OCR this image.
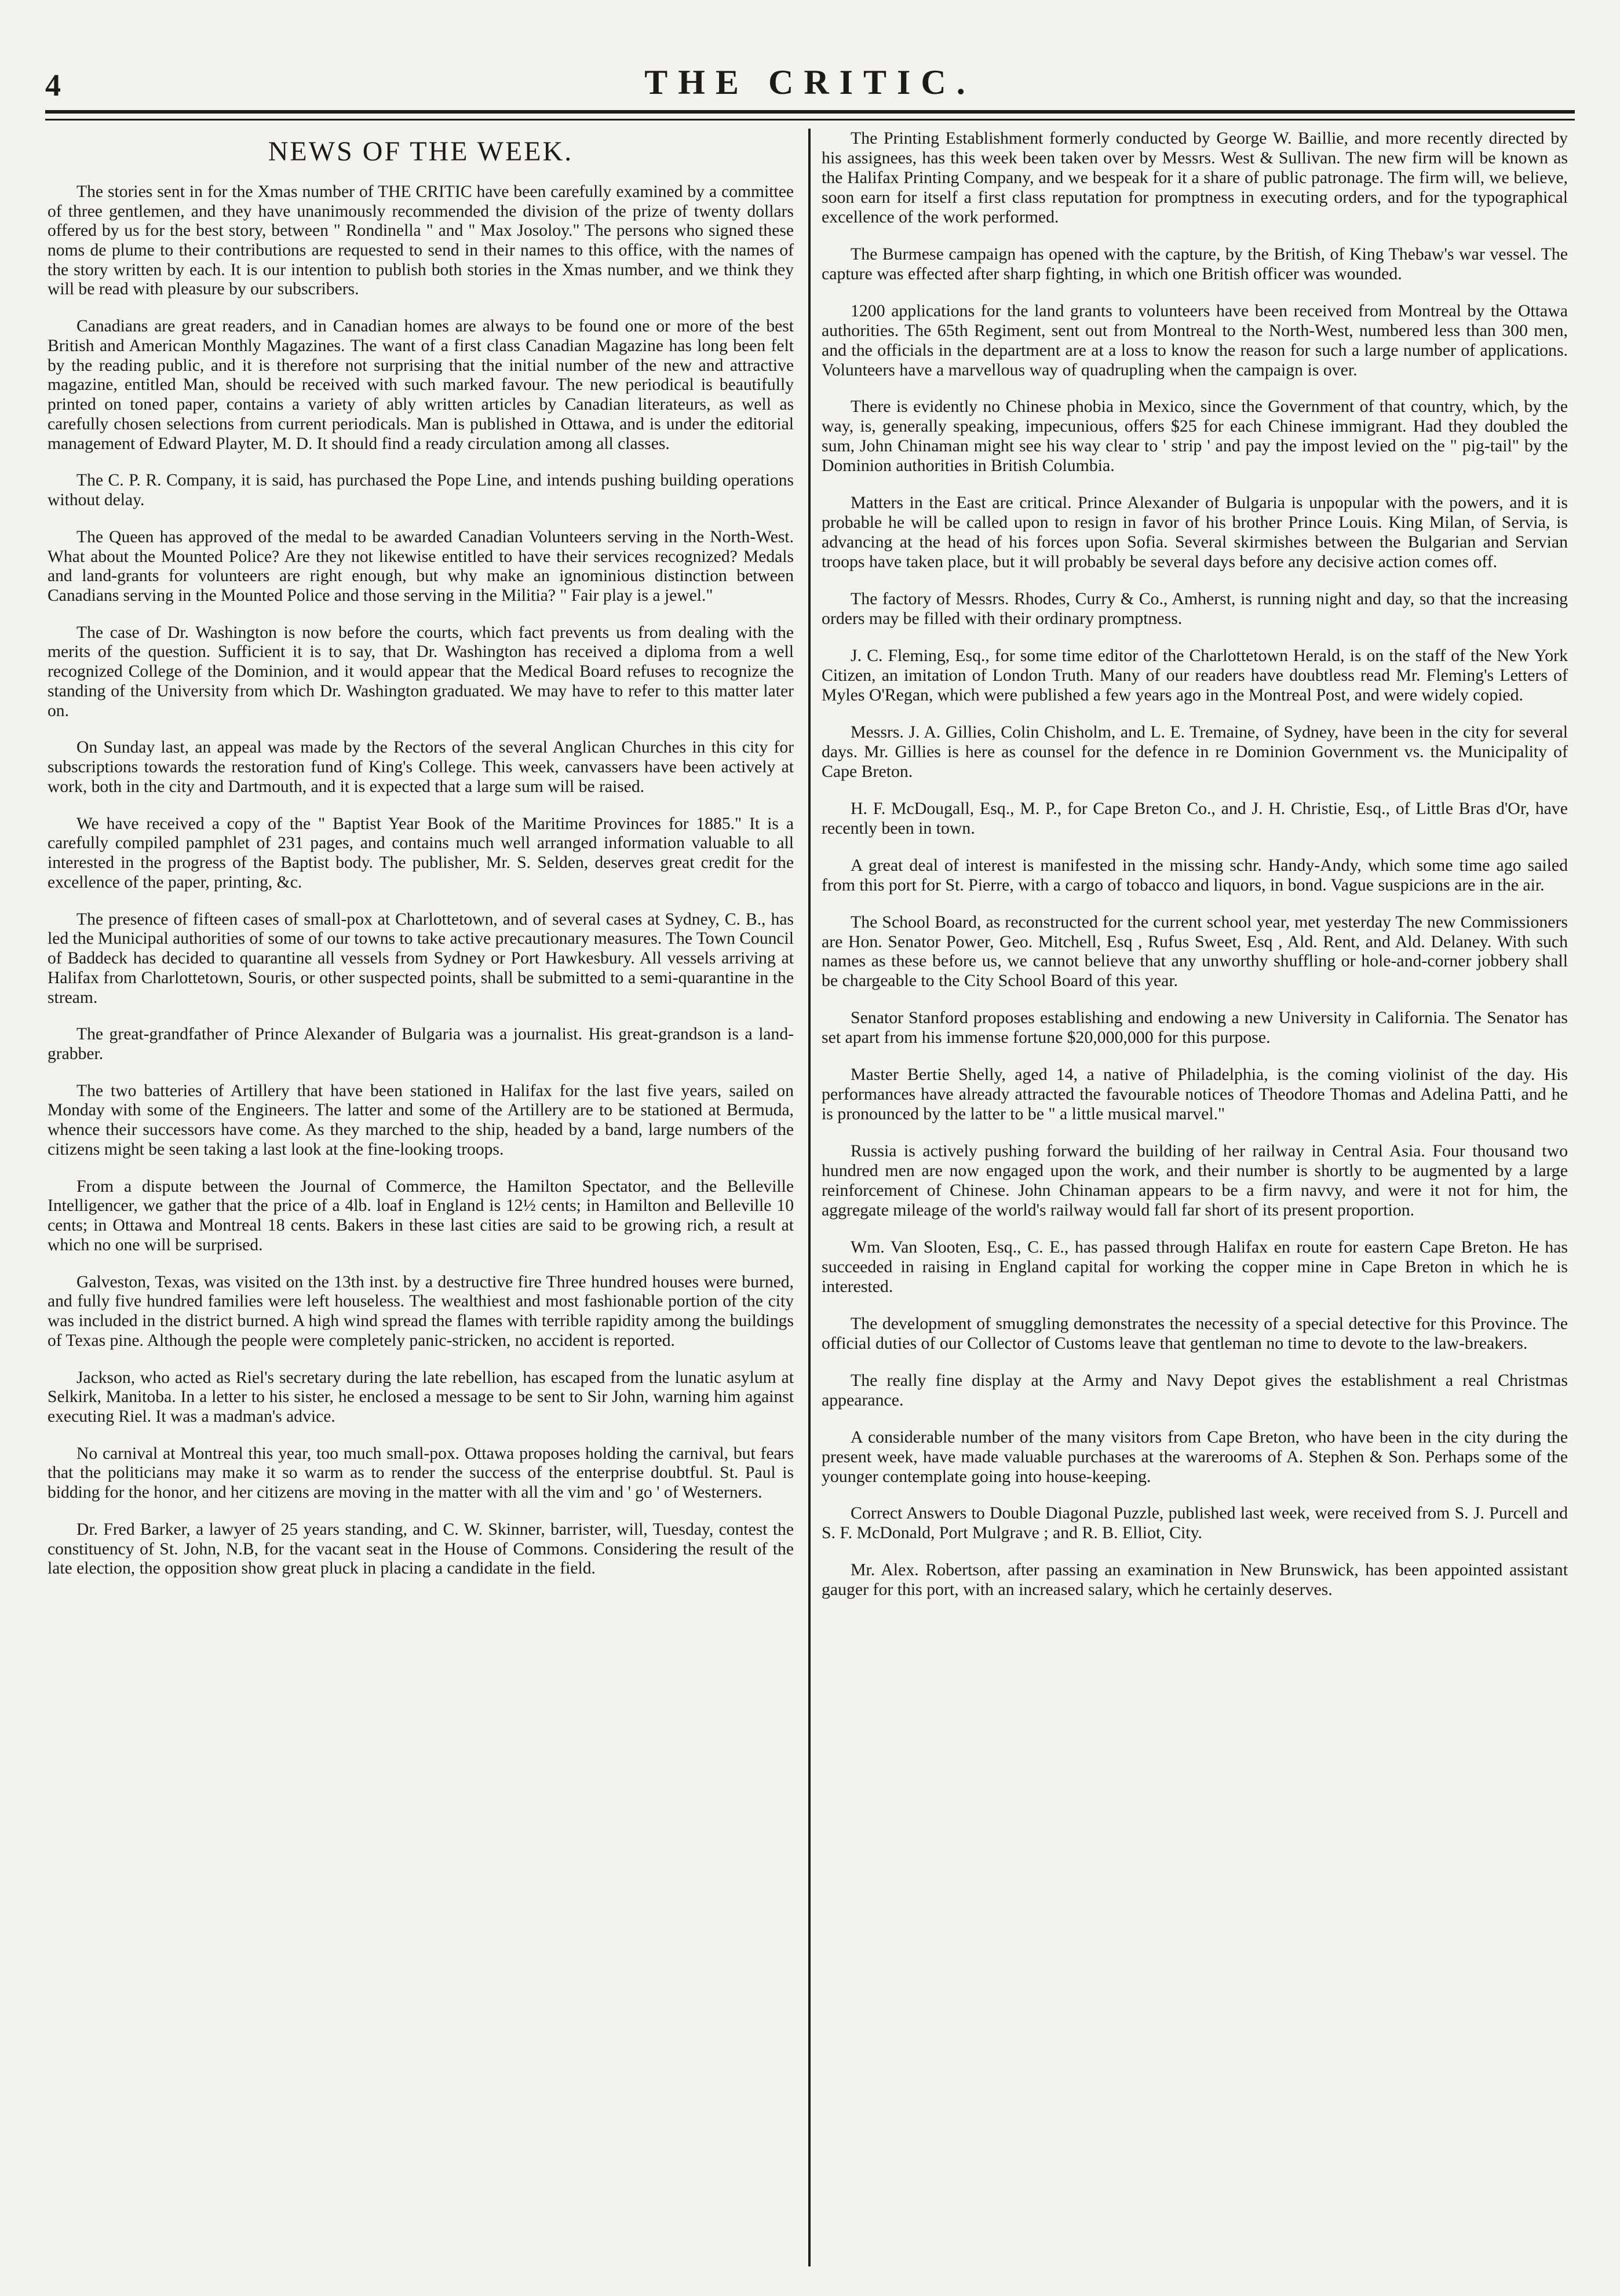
4	THE CRITIC.
NEWS OF THE WEEK.

The stories sent in for the Xmas number of THE CRITIC have been carefully examined by a committee of three gentlemen, and they have unanimously recommended the division of the prize of twenty dollars offered by us for the best story, between " Rondinella " and " Max Josoloy." The persons who signed these noms de plume to their contributions are requested to send in their names to this office, with the names of the story written by each. It is our intention to publish both stories in the Xmas number, and we think they will be read with pleasure by our subscribers.

Canadians are great readers, and in Canadian homes are always to be found one or more of the best British and American Monthly Magazines. The want of a first class Canadian Magazine has long been felt by the reading public, and it is therefore not surprising that the initial number of the new and attractive magazine, entitled Man, should be received with such marked favour. The new periodical is beautifully printed on toned paper, contains a variety of ably written articles by Canadian literateurs, as well as carefully chosen selections from current periodicals. Man is published in Ottawa, and is under the editorial management of Edward Playter, M. D. It should find a ready circulation among all classes.

The C. P. R. Company, it is said, has purchased the Pope Line, and intends pushing building operations without delay.

The Queen has approved of the medal to be awarded Canadian Volunteers serving in the North-West. What about the Mounted Police? Are they not likewise entitled to have their services recognized? Medals and land-grants for volunteers are right enough, but why make an ignominious distinction between Canadians serving in the Mounted Police and those serving in the Militia? " Fair play is a jewel."

The case of Dr. Washington is now before the courts, which fact prevents us from dealing with the merits of the question. Sufficient it is to say, that Dr. Washington has received a diploma from a well recognized College of the Dominion, and it would appear that the Medical Board refuses to recognize the standing of the University from which Dr. Washington graduated. We may have to refer to this matter later on.

On Sunday last, an appeal was made by the Rectors of the several Anglican Churches in this city for subscriptions towards the restoration fund of King's College. This week, canvassers have been actively at work, both in the city and Dartmouth, and it is expected that a large sum will be raised.

We have received a copy of the " Baptist Year Book of the Maritime Provinces for 1885." It is a carefully compiled pamphlet of 231 pages, and contains much well arranged information valuable to all interested in the progress of the Baptist body. The publisher, Mr. S. Selden, deserves great credit for the excellence of the paper, printing, &c.

The presence of fifteen cases of small-pox at Charlottetown, and of several cases at Sydney, C. B., has led the Municipal authorities of some of our towns to take active precautionary measures. The Town Council of Baddeck has decided to quarantine all vessels from Sydney or Port Hawkesbury. All vessels arriving at Halifax from Charlottetown, Souris, or other suspected points, shall be submitted to a semi-quarantine in the stream.

The great-grandfather of Prince Alexander of Bulgaria was a journalist. His great-grandson is a land-grabber.

The two batteries of Artillery that have been stationed in Halifax for the last five years, sailed on Monday with some of the Engineers. The latter and some of the Artillery are to be stationed at Bermuda, whence their successors have come. As they marched to the ship, headed by a band, large numbers of the citizens might be seen taking a last look at the fine-looking troops.

From a dispute between the Journal of Commerce, the Hamilton Spectator, and the Belleville Intelligencer, we gather that the price of a 4lb. loaf in England is 12½ cents; in Hamilton and Belleville 10 cents; in Ottawa and Montreal 18 cents. Bakers in these last cities are said to be growing rich, a result at which no one will be surprised.

Galveston, Texas, was visited on the 13th inst. by a destructive fire Three hundred houses were burned, and fully five hundred families were left houseless. The wealthiest and most fashionable portion of the city was included in the district burned. A high wind spread the flames with terrible rapidity among the buildings of Texas pine. Although the people were completely panic-stricken, no accident is reported.

Jackson, who acted as Riel's secretary during the late rebellion, has escaped from the lunatic asylum at Selkirk, Manitoba. In a letter to his sister, he enclosed a message to be sent to Sir John, warning him against executing Riel. It was a madman's advice.

No carnival at Montreal this year, too much small-pox. Ottawa proposes holding the carnival, but fears that the politicians may make it so warm as to render the success of the enterprise doubtful. St. Paul is bidding for the honor, and her citizens are moving in the matter with all the vim and ' go ' of Westerners.

Dr. Fred Barker, a lawyer of 25 years standing, and C. W. Skinner, barrister, will, Tuesday, contest the constituency of St. John, N.B, for the vacant seat in the House of Commons. Considering the result of the late election, the opposition show great pluck in placing a candidate in the field.

The Printing Establishment formerly conducted by George W. Baillie, and more recently directed by his assignees, has this week been taken over by Messrs. West & Sullivan. The new firm will be known as the Halifax Printing Company, and we bespeak for it a share of public patronage. The firm will, we believe, soon earn for itself a first class reputation for promptness in executing orders, and for the typographical excellence of the work performed.

The Burmese campaign has opened with the capture, by the British, of King Thebaw's war vessel. The capture was effected after sharp fighting, in which one British officer was wounded.

1200 applications for the land grants to volunteers have been received from Montreal by the Ottawa authorities. The 65th Regiment, sent out from Montreal to the North-West, numbered less than 300 men, and the officials in the department are at a loss to know the reason for such a large number of applications. Volunteers have a marvellous way of quadrupling when the campaign is over.

There is evidently no Chinese phobia in Mexico, since the Government of that country, which, by the way, is, generally speaking, impecunious, offers $25 for each Chinese immigrant. Had they doubled the sum, John Chinaman might see his way clear to ' strip ' and pay the impost levied on the " pig-tail" by the Dominion authorities in British Columbia.

Matters in the East are critical. Prince Alexander of Bulgaria is unpopular with the powers, and it is probable he will be called upon to resign in favor of his brother Prince Louis. King Milan, of Servia, is advancing at the head of his forces upon Sofia. Several skirmishes between the Bulgarian and Servian troops have taken place, but it will probably be several days before any decisive action comes off.

The factory of Messrs. Rhodes, Curry & Co., Amherst, is running night and day, so that the increasing orders may be filled with their ordinary promptness.

J. C. Fleming, Esq., for some time editor of the Charlottetown Herald, is on the staff of the New York Citizen, an imitation of London Truth. Many of our readers have doubtless read Mr. Fleming's Letters of Myles O'Regan, which were published a few years ago in the Montreal Post, and were widely copied.

Messrs. J. A. Gillies, Colin Chisholm, and L. E. Tremaine, of Sydney, have been in the city for several days. Mr. Gillies is here as counsel for the defence in re Dominion Government vs. the Municipality of Cape Breton.

H. F. McDougall, Esq., M. P., for Cape Breton Co., and J. H. Christie, Esq., of Little Bras d'Or, have recently been in town.

A great deal of interest is manifested in the missing schr. Handy-Andy, which some time ago sailed from this port for St. Pierre, with a cargo of tobacco and liquors, in bond. Vague suspicions are in the air.

The School Board, as reconstructed for the current school year, met yesterday The new Commissioners are Hon. Senator Power, Geo. Mitchell, Esq , Rufus Sweet, Esq , Ald. Rent, and Ald. Delaney. With such names as these before us, we cannot believe that any unworthy shuffling or hole-and-corner jobbery shall be chargeable to the City School Board of this year.

Senator Stanford proposes establishing and endowing a new University in California. The Senator has set apart from his immense fortune $20,000,000 for this purpose.

Master Bertie Shelly, aged 14, a native of Philadelphia, is the coming violinist of the day. His performances have already attracted the favourable notices of Theodore Thomas and Adelina Patti, and he is pronounced by the latter to be " a little musical marvel."

Russia is actively pushing forward the building of her railway in Central Asia. Four thousand two hundred men are now engaged upon the work, and their number is shortly to be augmented by a large reinforcement of Chinese. John Chinaman appears to be a firm navvy, and were it not for him, the aggregate mileage of the world's railway would fall far short of its present proportion.

Wm. Van Slooten, Esq., C. E., has passed through Halifax en route for eastern Cape Breton. He has succeeded in raising in England capital for working the copper mine in Cape Breton in which he is interested.

The development of smuggling demonstrates the necessity of a special detective for this Province. The official duties of our Collector of Customs leave that gentleman no time to devote to the law-breakers.

The really fine display at the Army and Navy Depot gives the establishment a real Christmas appearance.

A considerable number of the many visitors from Cape Breton, who have been in the city during the present week, have made valuable purchases at the warerooms of A. Stephen & Son. Perhaps some of the younger contemplate going into house-keeping.

Correct Answers to Double Diagonal Puzzle, published last week, were received from S. J. Purcell and S. F. McDonald, Port Mulgrave ; and R. B. Elliot, City.

Mr. Alex. Robertson, after passing an examination in New Brunswick, has been appointed assistant gauger for this port, with an increased salary, which he certainly deserves.
